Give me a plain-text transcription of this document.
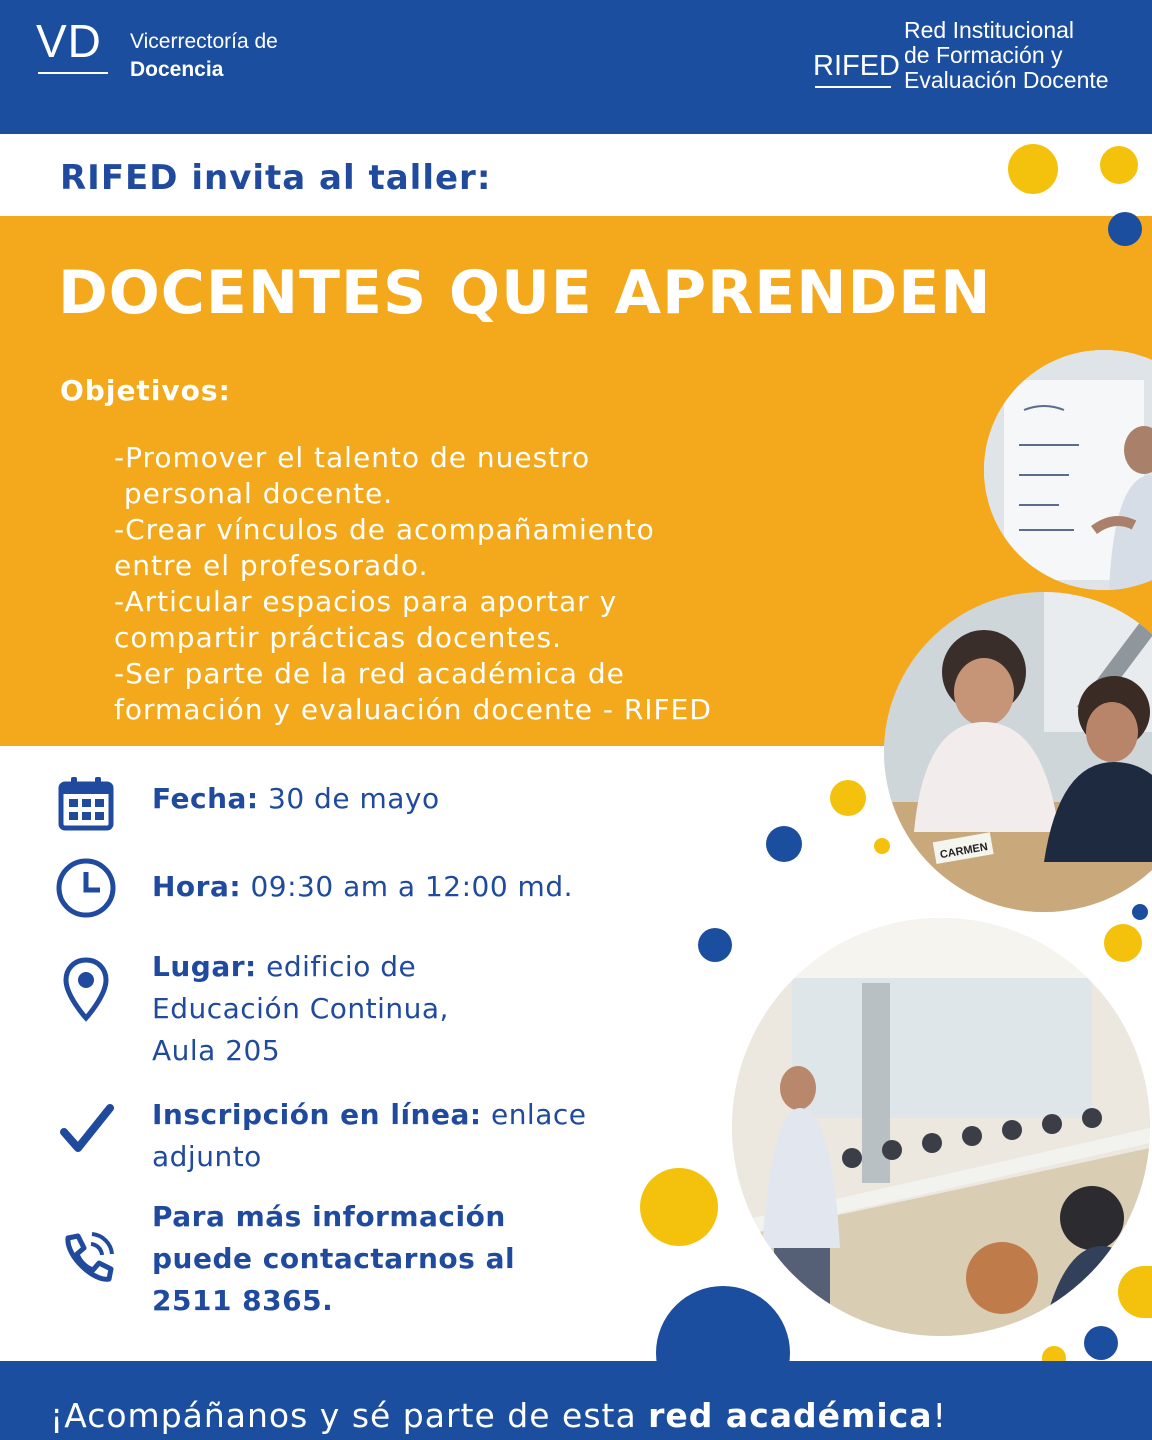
VD Vicerrectoría de
Docencia	RIFED
Red Institucional
de Formación y
Evaluación Docente
RIFED invita al taller:
DOCENTES QUE APRENDEN
Objetivos:
-Promover el talento de nuestro
personal docente.
-Crear vínculos de acompañamiento
entre el profesorado.
-Articular espacios para aportar y
compartir prácticas docentes.
-Ser parte de la red académica de
formación y evaluación docente - RIFED
CARMEN
Fecha: 30 de mayo
Hora: 09:30 am a 12:00 md.
Lugar: edificio de
Educación Continua,
Aula 205
Inscripción en línea: enlace
adjunto
Para más información
puede contactarnos al
2511 8365.
¡Acompáñanos y sé parte de esta red académica!
